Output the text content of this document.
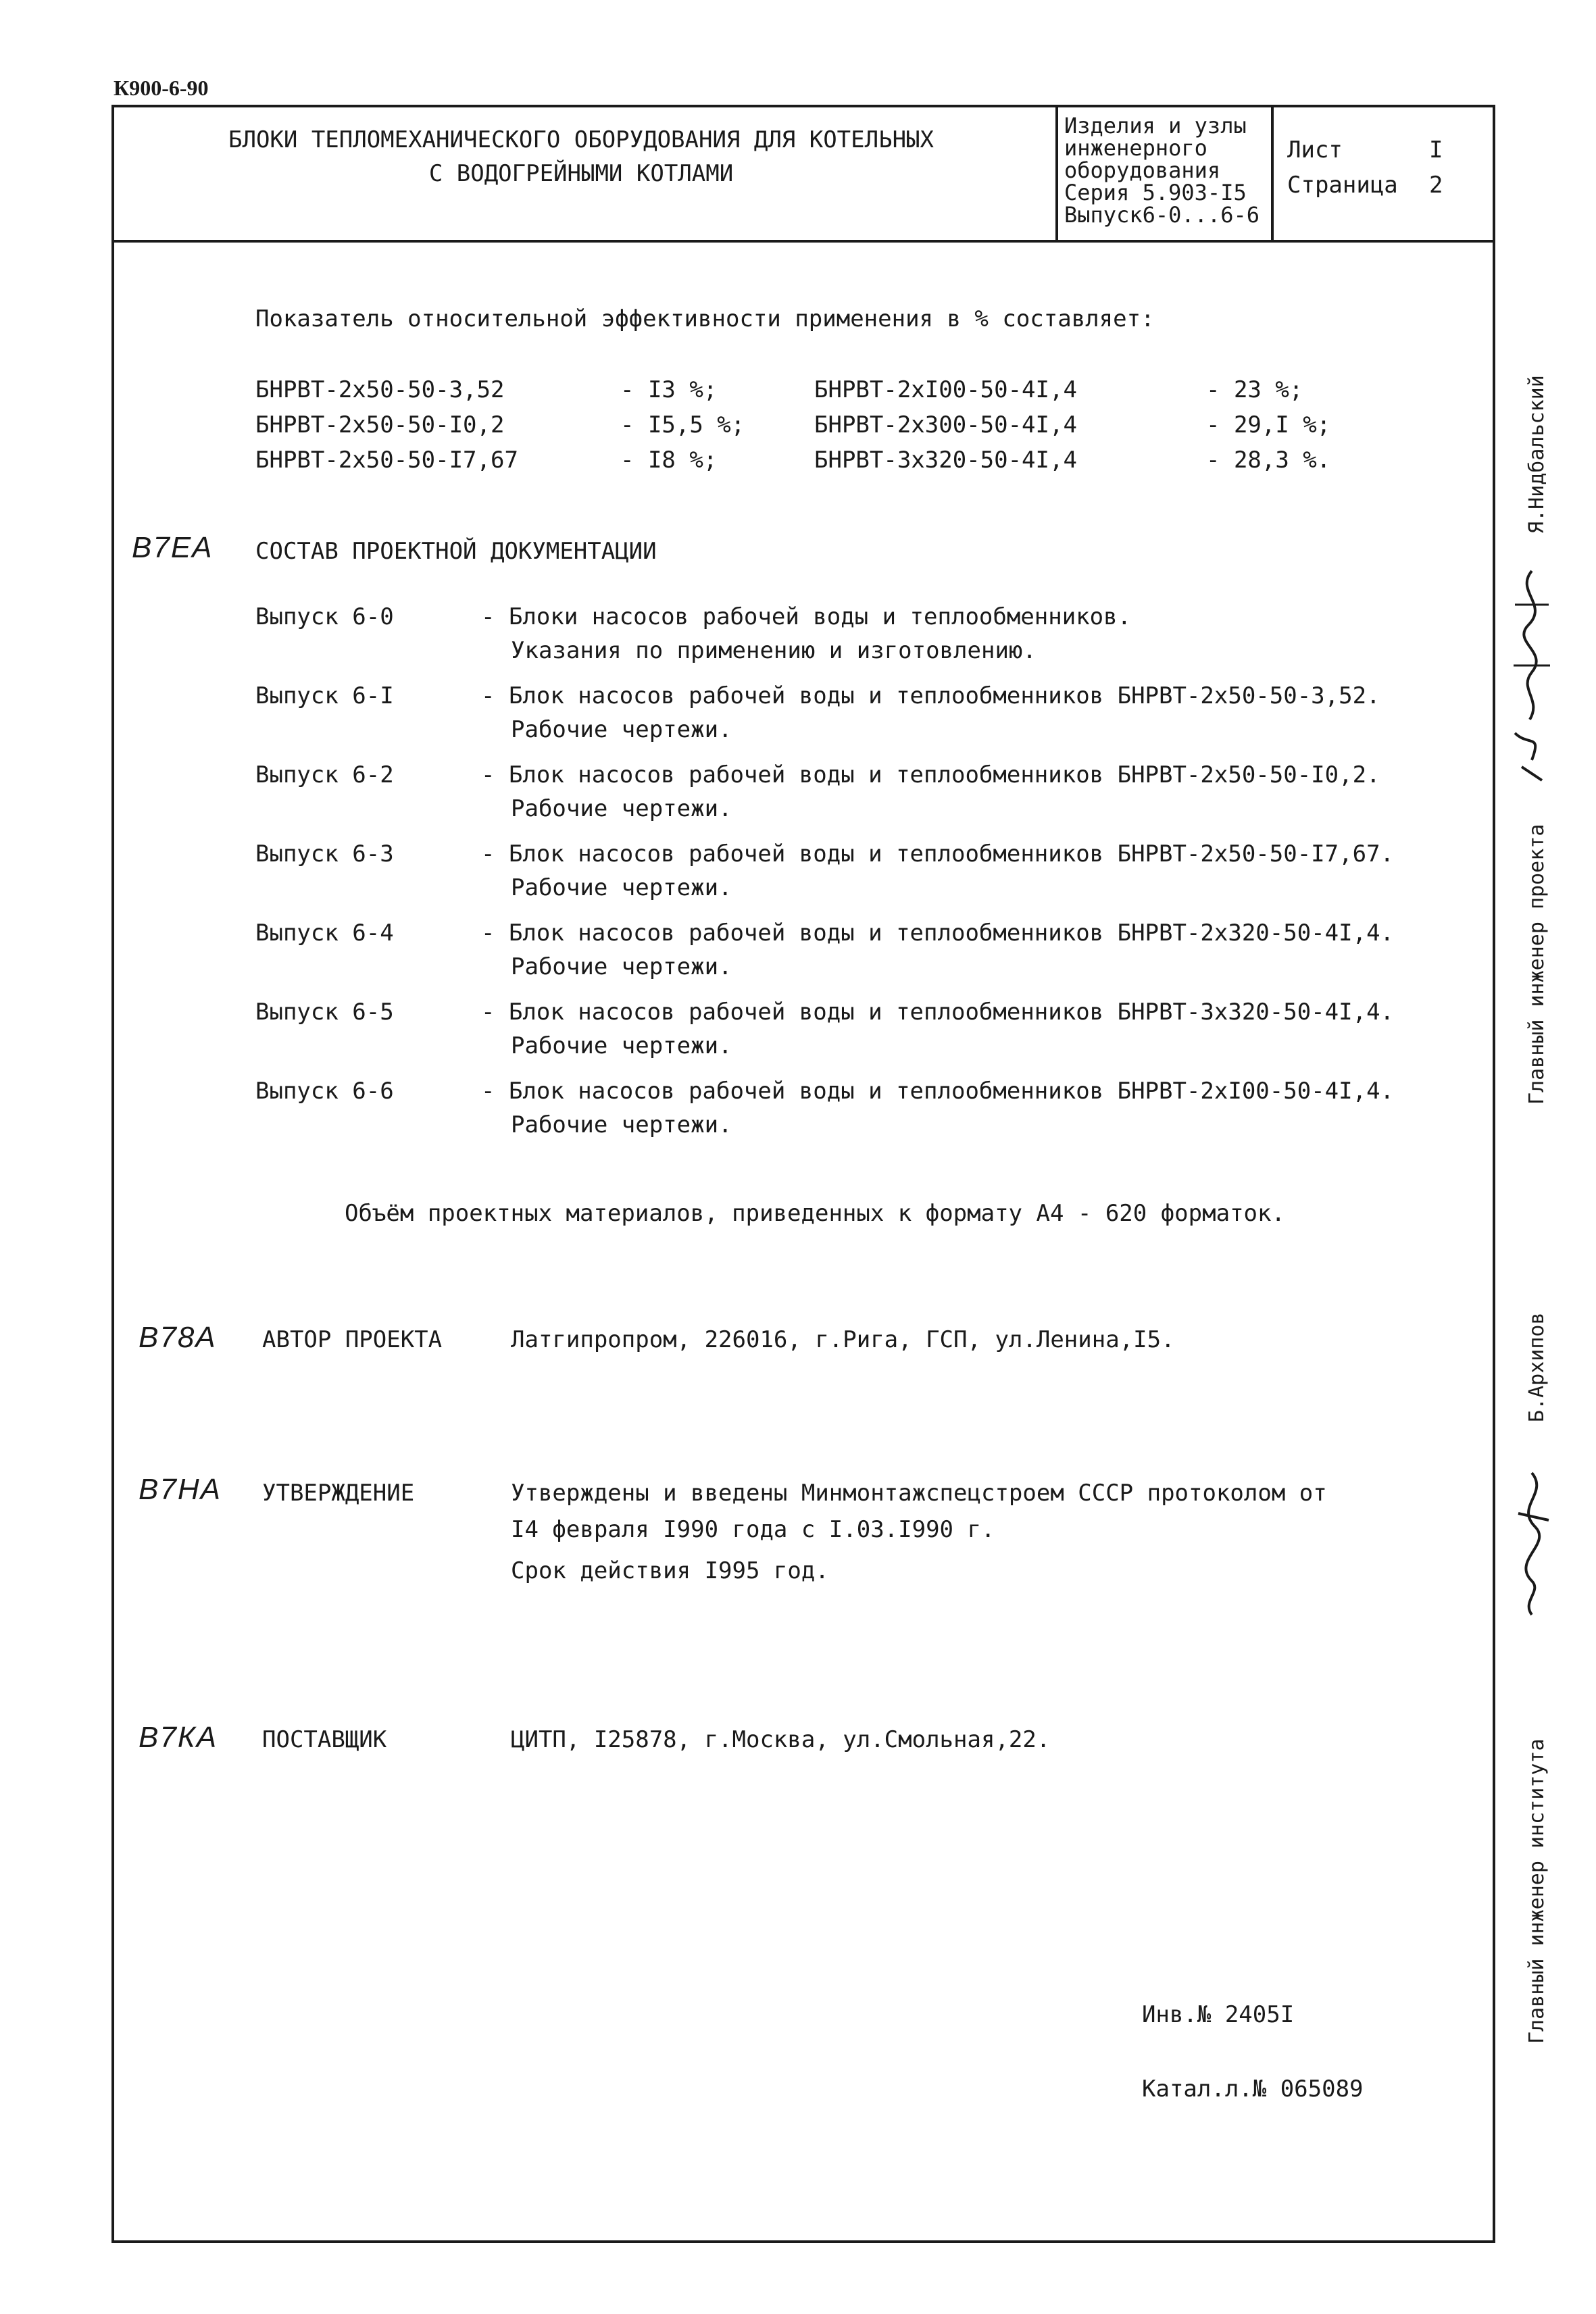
К900-6-90
БЛОКИ ТЕПЛОМЕХАНИЧЕСКОГО ОБОРУДОВАНИЯ ДЛЯ КОТЕЛЬНЫХ
С ВОДОГРЕЙНЫМИ КОТЛАМИ
Изделия и узлы
инженерного
оборудования
Серия 5.903-I5
Выпуск6-0...6-6
Лист	I
Страница 2
Показатель относительной эффективности применения в % составляет:
БНРВТ-2х50-50-3,52	- I3 %;	БНРВТ-2хI00-50-4I,4	- 23 %;
БНРВТ-2х50-50-I0,2	- I5,5 %;	БНРВТ-2х300-50-4I,4	- 29,I %;
БНРВТ-2х50-50-I7,67	- I8 %;	БНРВТ-3х320-50-4I,4	- 28,3 %.
В7ЕА СОСТАВ ПРОЕКТНОЙ ДОКУМЕНТАЦИИ
Выпуск 6-0	- Блоки насосов рабочей воды и теплообменников.
Указания по применению и изготовлению.
Выпуск 6-I	- Блок насосов рабочей воды и теплообменников БНРВТ-2х50-50-3,52.
Рабочие чертежи.
Выпуск 6-2	- Блок насосов рабочей воды и теплообменников БНРВТ-2х50-50-I0,2.
Рабочие чертежи.
Выпуск 6-3	- Блок насосов рабочей воды и теплообменников БНРВТ-2х50-50-I7,67.
Рабочие чертежи.
Выпуск 6-4	- Блок насосов рабочей воды и теплообменников БНРВТ-2х320-50-4I,4.
Рабочие чертежи.
Выпуск 6-5	- Блок насосов рабочей воды и теплообменников БНРВТ-3х320-50-4I,4.
Рабочие чертежи.
Выпуск 6-6	- Блок насосов рабочей воды и теплообменников БНРВТ-2хI00-50-4I,4.
Рабочие чертежи.
Объём проектных материалов, приведенных к формату А4 - 620 форматок.
В78А АВТОР ПРОЕКТА	Латгипропром, 226016, г.Рига, ГСП, ул.Ленина,I5.
В7НА УТВЕРЖДЕНИЕ	Утверждены и введены Минмонтажспецстроем СССР протоколом от
I4 февраля I990 года с I.03.I990 г.
Срок действия I995 год.
В7КА ПОСТАВЩИК	ЦИТП, I25878, г.Москва, ул.Смольная,22.
Инв.№ 2405I
Катал.л.№ 065089
Главный инженер проекта
Я.Нидбальский
Б.Архипов
Главный инженер института
